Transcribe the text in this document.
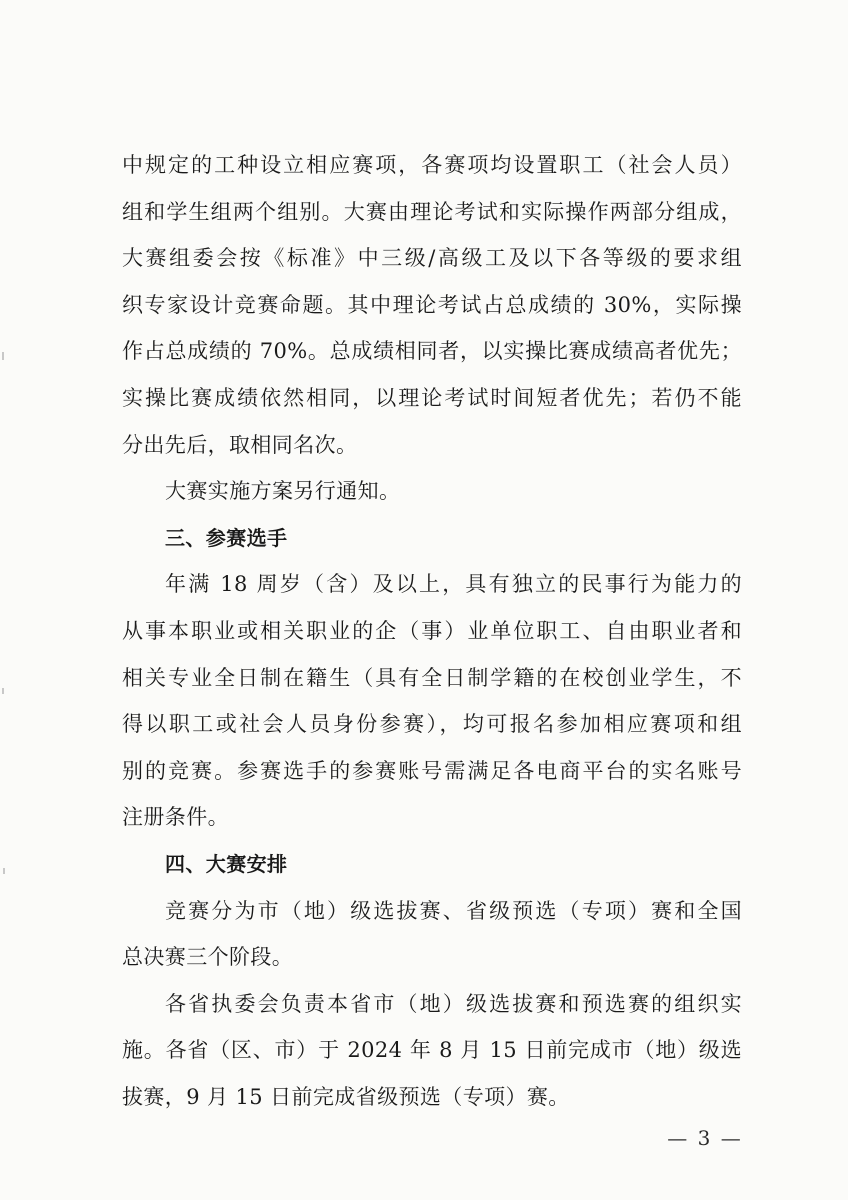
中规定的工种设立相应赛项，各赛项均设置职工（社会人员）
组和学生组两个组别。大赛由理论考试和实际操作两部分组成，
大赛组委会按《标准》中三级/高级工及以下各等级的要求组
织专家设计竞赛命题。其中理论考试占总成绩的 30%，实际操
作占总成绩的 70%。总成绩相同者，以实操比赛成绩高者优先；
实操比赛成绩依然相同，以理论考试时间短者优先；若仍不能
分出先后，取相同名次。
大赛实施方案另行通知。
三、参赛选手
年满 18 周岁（含）及以上，具有独立的民事行为能力的
从事本职业或相关职业的企（事）业单位职工、自由职业者和
相关专业全日制在籍生（具有全日制学籍的在校创业学生，不
得以职工或社会人员身份参赛），均可报名参加相应赛项和组
别的竞赛。参赛选手的参赛账号需满足各电商平台的实名账号
注册条件。
四、大赛安排
竞赛分为市（地）级选拔赛、省级预选（专项）赛和全国
总决赛三个阶段。
各省执委会负责本省市（地）级选拔赛和预选赛的组织实
施。各省（区、市）于 2024 年 8 月 15 日前完成市（地）级选
拔赛，9 月 15 日前完成省级预选（专项）赛。
— 3 —
